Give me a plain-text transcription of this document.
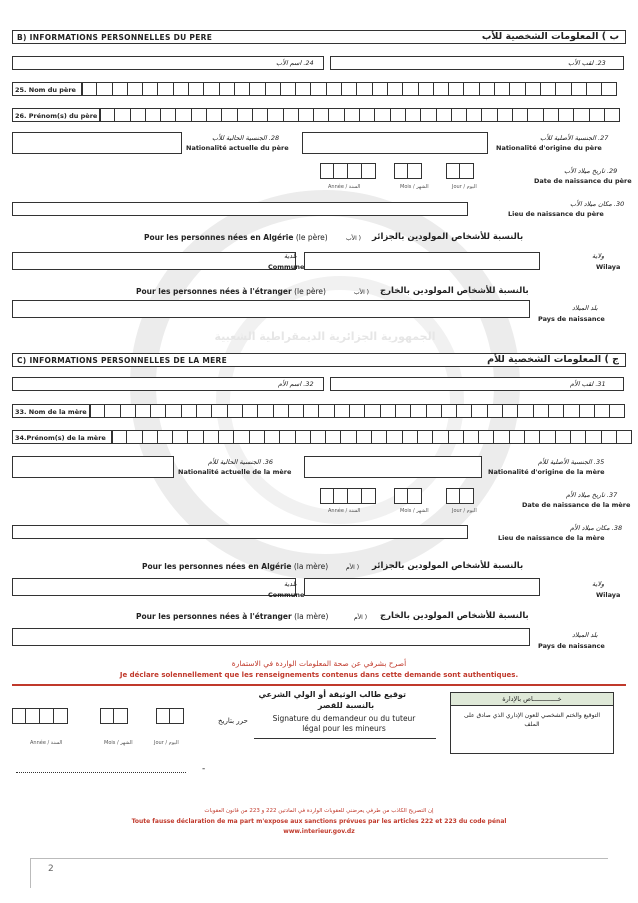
الجمهورية الجزائرية الديمقراطية الشعبية
B) INFORMATIONS PERSONNELLES DU PERE	ب ) المعلومات الشخصية للأب
23. لقب الأب
24. اسم الأب
25. Nom du père
26. Prénom(s) du père
27. الجنسية الأصلية للأب
Nationalité d'origine du père
28. الجنسية الحالية للأب
Nationalité actuelle du père
29. تاريخ ميلاد الأب
Date de naissance du père
Année / السنة	Mois / الشهر	Jour / اليوم
30. مكان ميلاد الأب
Lieu de naissance du père
Pour les personnes nées en Algérie (le père)	( الأب بالنسبة للأشخاص المولودين بالجزائر
بلدية
Commune
ولاية
Wilaya
Pour les personnes nées à l'étranger (le père)	( الأب بالنسبة للأشخاص المولودين بالخارج
بلد الميلاد
Pays de naissance
C) INFORMATIONS PERSONNELLES DE LA MERE	ج ) المعلومات الشخصية للأم
31. لقب الأم
32. اسم الأم
33. Nom de la mère
34.Prénom(s) de la mère
35. الجنسية الأصلية للأم
Nationalité d'origine de la mère
36. الجنسية الحالية للأم
Nationalité actuelle de la mère
37. تاريخ ميلاد الأم
Date de naissance de la mère
Année / السنة	Mois / الشهر	Jour / اليوم
38. مكان ميلاد الأم
Lieu de naissance de la mère
Pour les personnes nées en Algérie (la mère)	( الأم بالنسبة للأشخاص المولودين بالجزائر
بلدية
Commune
ولاية
Wilaya
Pour les personnes nées à l'étranger (la mère)	( الأم بالنسبة للأشخاص المولودين بالخارج
بلد الميلاد
Pays de naissance
أصرح بشرفي عن صحة المعلومات الواردة في الاستمارة
Je déclare solennellement que les renseignements contenus dans cette demande sont authentiques.
توقيع طالب الوثيقة أو الولي الشرعي
بالنسبة للقصر
Signature du demandeur ou du tuteur
légal pour les mineurs
خـــــــــــــاص بالإدارة
التوقيع والختم الشخصي للعون الإداري الذي صادق على الملف
حرر بتاريخ
Année / السنة	Mois / الشهر	Jour / اليوم
-
إن التصريح الكاذب من طرفي يعرضني للعقوبات الواردة في المادتين 222 و 223 من قانون العقوبات
Toute fausse déclaration de ma part m'expose aux sanctions prévues par les articles 222 et 223 du code pénal
www.interieur.gov.dz
2
